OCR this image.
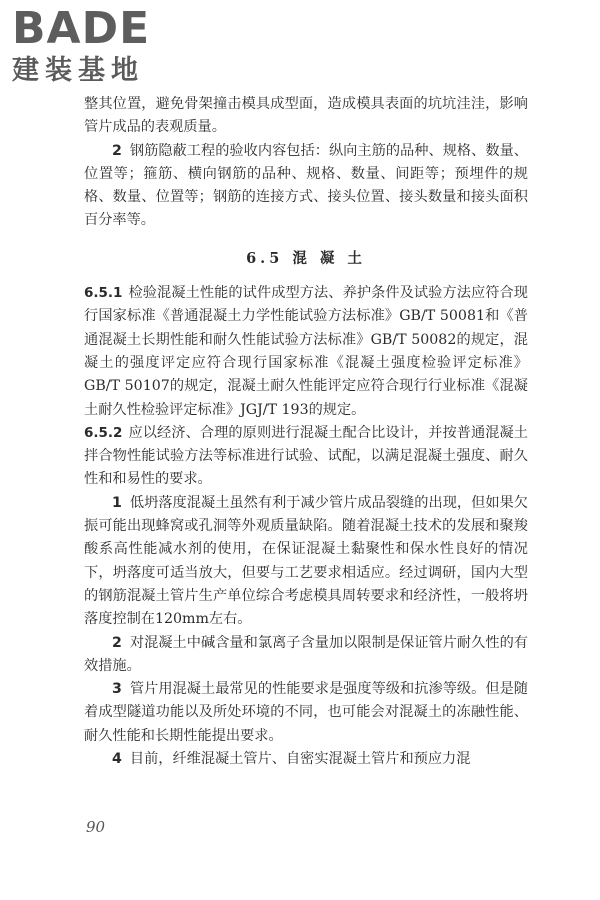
BADE
建装基地

整其位置，避免骨架撞击模具成型面，造成模具表面的坑坑洼洼，影响管片成品的表观质量。

2 钢筋隐蔽工程的验收内容包括：纵向主筋的品种、规格、数量、位置等；箍筋、横向钢筋的品种、规格、数量、间距等；预埋件的规格、数量、位置等；钢筋的连接方式、接头位置、接头数量和接头面积百分率等。

6.5 混 凝 土

6.5.1 检验混凝土性能的试件成型方法、养护条件及试验方法应符合现行国家标准《普通混凝土力学性能试验方法标准》GB/T 50081和《普通混凝土长期性能和耐久性能试验方法标准》GB/T 50082的规定，混凝土的强度评定应符合现行国家标准《混凝土强度检验评定标准》GB/T 50107的规定，混凝土耐久性能评定应符合现行行业标准《混凝土耐久性检验评定标准》JGJ/T 193的规定。

6.5.2 应以经济、合理的原则进行混凝土配合比设计，并按普通混凝土拌合物性能试验方法等标准进行试验、试配，以满足混凝土强度、耐久性和和易性的要求。

1 低坍落度混凝土虽然有利于减少管片成品裂缝的出现，但如果欠振可能出现蜂窝或孔洞等外观质量缺陷。随着混凝土技术的发展和聚羧酸系高性能减水剂的使用，在保证混凝土黏聚性和保水性良好的情况下，坍落度可适当放大，但要与工艺要求相适应。经过调研，国内大型的钢筋混凝土管片生产单位综合考虑模具周转要求和经济性，一般将坍落度控制在120mm左右。

2 对混凝土中碱含量和氯离子含量加以限制是保证管片耐久性的有效措施。

3 管片用混凝土最常见的性能要求是强度等级和抗渗等级。但是随着成型隧道功能以及所处环境的不同，也可能会对混凝土的冻融性能、耐久性能和长期性能提出要求。

4 目前，纤维混凝土管片、自密实混凝土管片和预应力混

90
